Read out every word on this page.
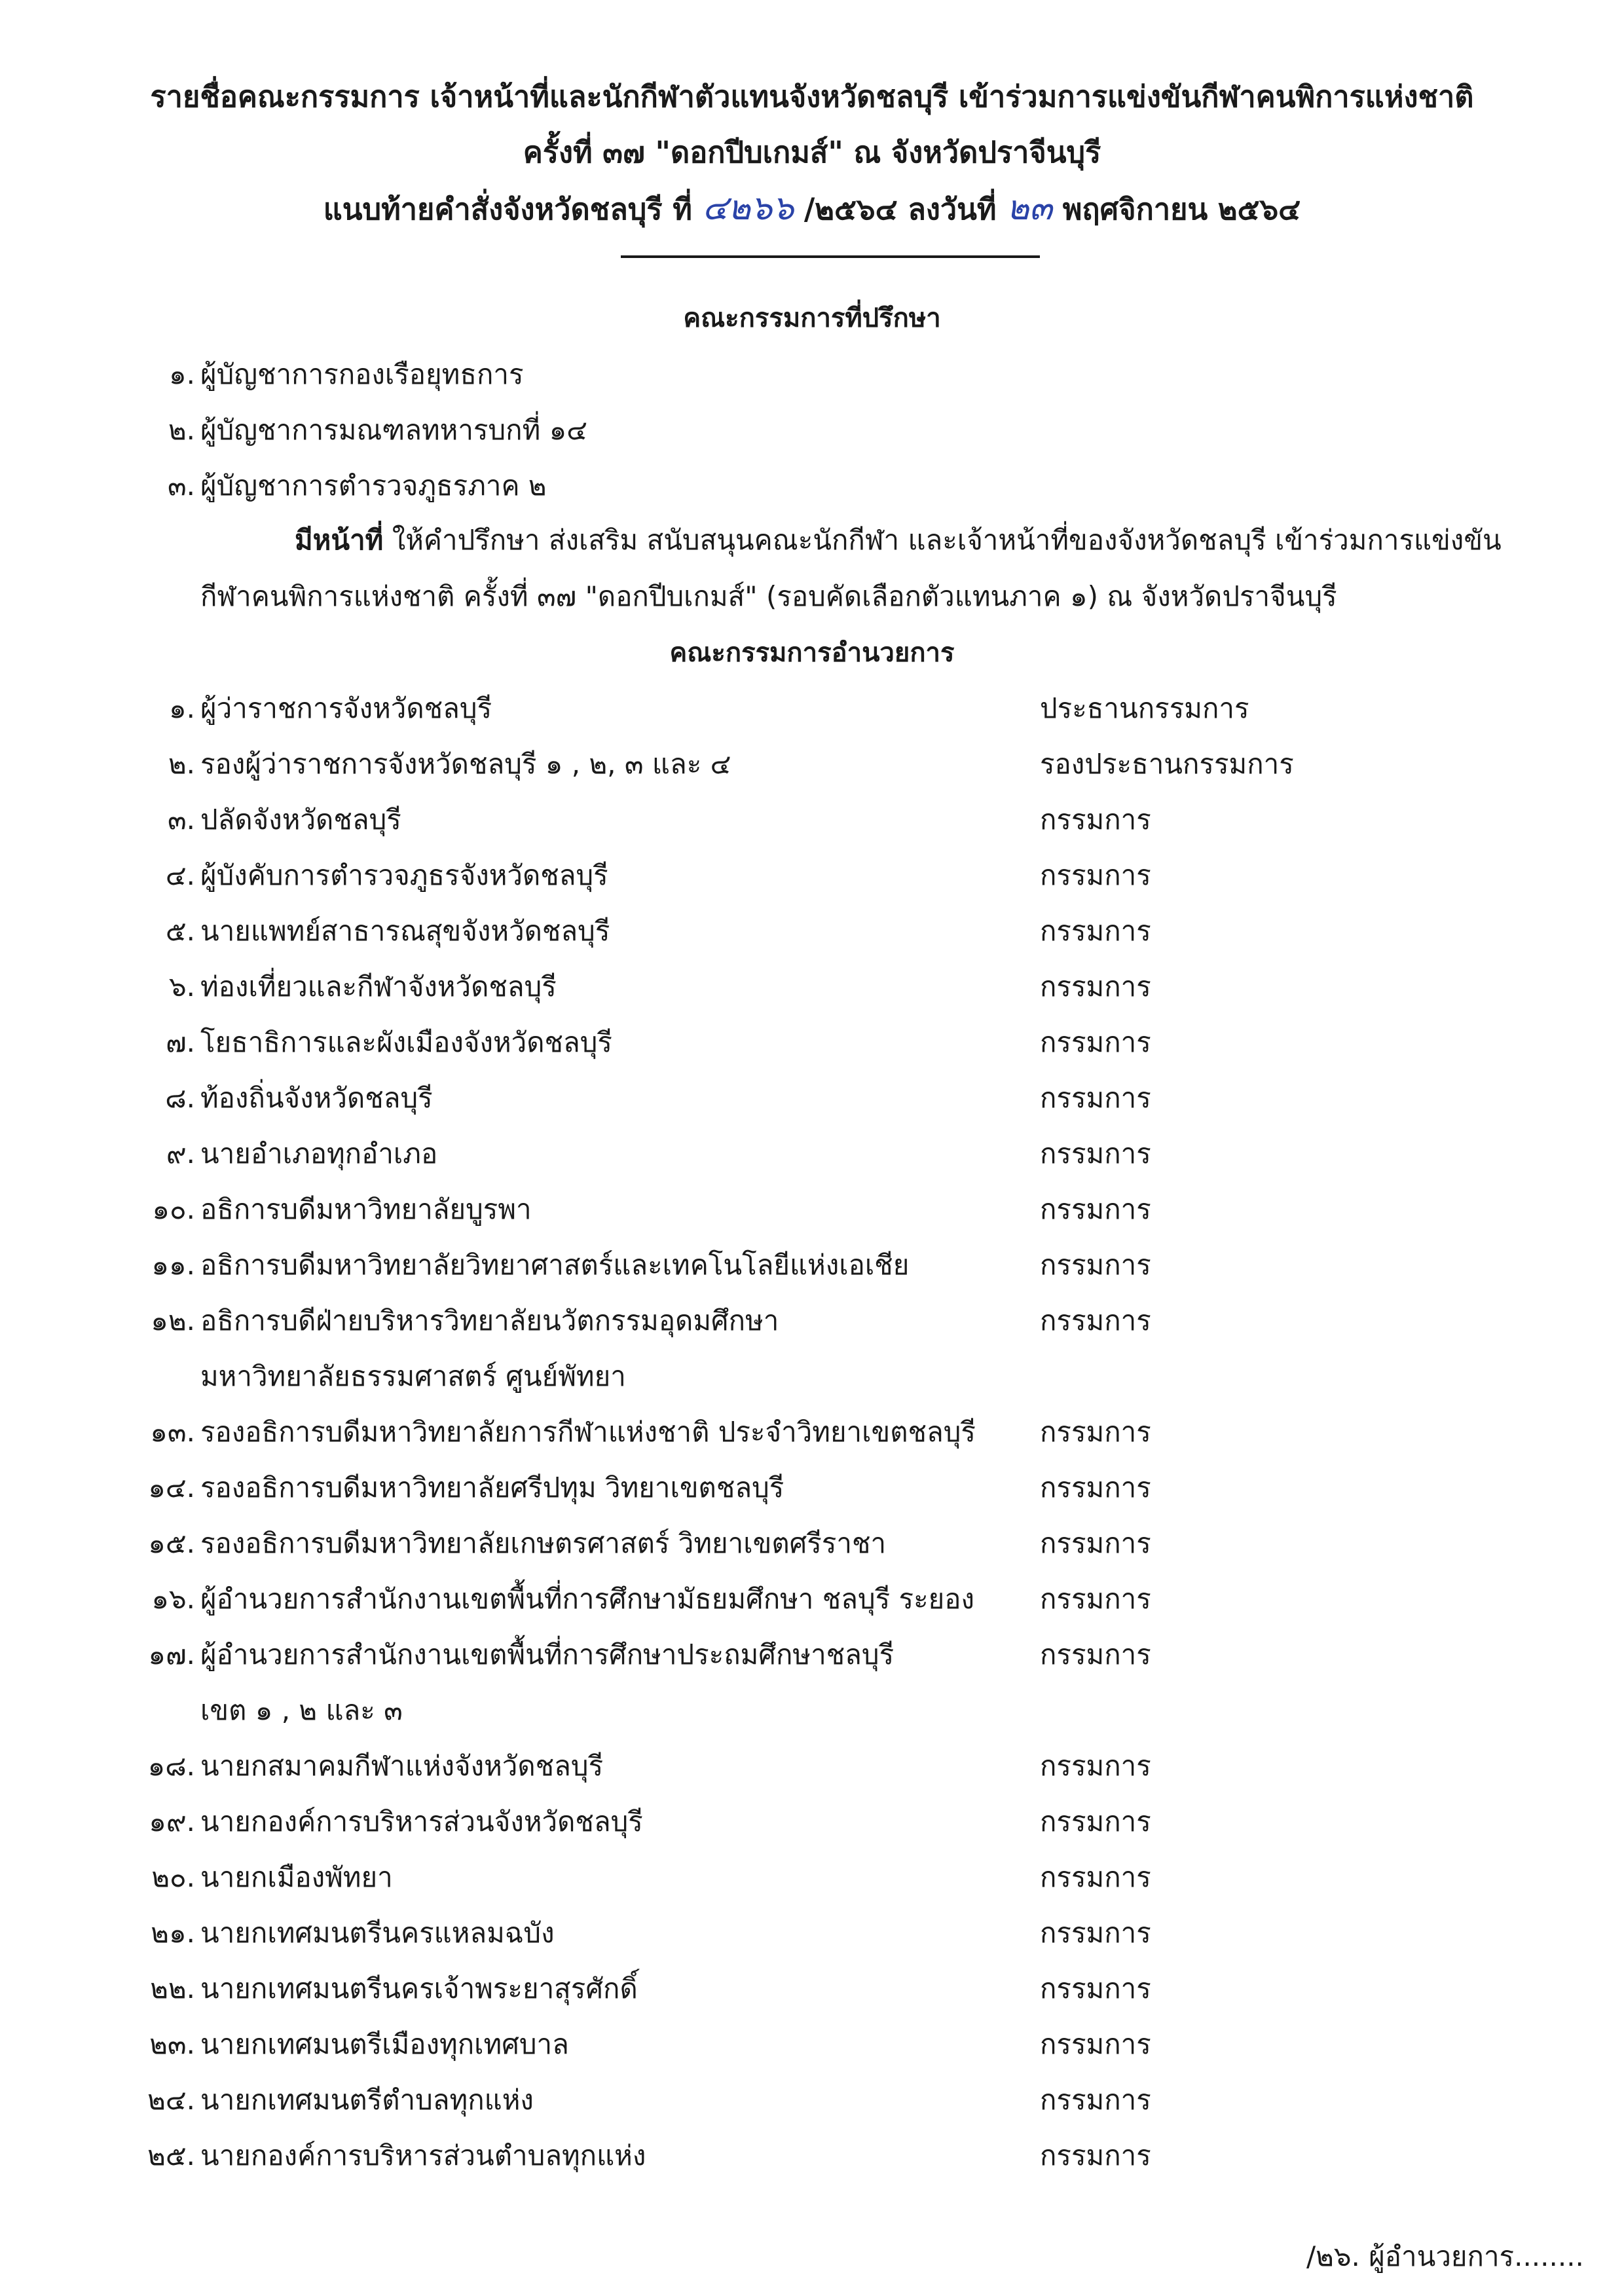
รายชื่อคณะกรรมการ เจ้าหน้าที่และนักกีฬาตัวแทนจังหวัดชลบุรี เข้าร่วมการแข่งขันกีฬาคนพิการแห่งชาติ
ครั้งที่ ๓๗ "ดอกปีบเกมส์" ณ จังหวัดปราจีนบุรี
แนบท้ายคำสั่งจังหวัดชลบุรี ที่ ๔๒๖๖ /๒๕๖๔ ลงวันที่ ๒๓ พฤศจิกายน ๒๕๖๔
คณะกรรมการที่ปรึกษา
๑. ผู้บัญชาการกองเรือยุทธการ
๒. ผู้บัญชาการมณฑลทหารบกที่ ๑๔
๓. ผู้บัญชาการตำรวจภูธรภาค ๒
มีหน้าที่ ให้คำปรึกษา ส่งเสริม สนับสนุนคณะนักกีฬา และเจ้าหน้าที่ของจังหวัดชลบุรี เข้าร่วมการแข่งขัน
กีฬาคนพิการแห่งชาติ ครั้งที่ ๓๗ "ดอกปีบเกมส์" (รอบคัดเลือกตัวแทนภาค ๑) ณ จังหวัดปราจีนบุรี
คณะกรรมการอำนวยการ
๑. ผู้ว่าราชการจังหวัดชลบุรี	ประธานกรรมการ
๒. รองผู้ว่าราชการจังหวัดชลบุรี ๑ , ๒, ๓ และ ๔	รองประธานกรรมการ
๓. ปลัดจังหวัดชลบุรี	กรรมการ
๔. ผู้บังคับการตำรวจภูธรจังหวัดชลบุรี	กรรมการ
๕. นายแพทย์สาธารณสุขจังหวัดชลบุรี	กรรมการ
๖. ท่องเที่ยวและกีฬาจังหวัดชลบุรี	กรรมการ
๗. โยธาธิการและผังเมืองจังหวัดชลบุรี	กรรมการ
๘. ท้องถิ่นจังหวัดชลบุรี	กรรมการ
๙. นายอำเภอทุกอำเภอ	กรรมการ
๑๐. อธิการบดีมหาวิทยาลัยบูรพา	กรรมการ
๑๑. อธิการบดีมหาวิทยาลัยวิทยาศาสตร์และเทคโนโลยีแห่งเอเชีย	กรรมการ
๑๒. อธิการบดีฝ่ายบริหารวิทยาลัยนวัตกรรมอุดมศึกษา	กรรมการ
มหาวิทยาลัยธรรมศาสตร์ ศูนย์พัทยา
๑๓. รองอธิการบดีมหาวิทยาลัยการกีฬาแห่งชาติ ประจำวิทยาเขตชลบุรี กรรมการ
๑๔. รองอธิการบดีมหาวิทยาลัยศรีปทุม วิทยาเขตชลบุรี	กรรมการ
๑๕. รองอธิการบดีมหาวิทยาลัยเกษตรศาสตร์ วิทยาเขตศรีราชา	กรรมการ
๑๖. ผู้อำนวยการสำนักงานเขตพื้นที่การศึกษามัธยมศึกษา ชลบุรี ระยอง กรรมการ
๑๗. ผู้อำนวยการสำนักงานเขตพื้นที่การศึกษาประถมศึกษาชลบุรี	กรรมการ
เขต ๑ , ๒ และ ๓
๑๘. นายกสมาคมกีฬาแห่งจังหวัดชลบุรี	กรรมการ
๑๙. นายกองค์การบริหารส่วนจังหวัดชลบุรี	กรรมการ
๒๐. นายกเมืองพัทยา	กรรมการ
๒๑. นายกเทศมนตรีนครแหลมฉบัง	กรรมการ
๒๒. นายกเทศมนตรีนครเจ้าพระยาสุรศักดิ์	กรรมการ
๒๓. นายกเทศมนตรีเมืองทุกเทศบาล	กรรมการ
๒๔. นายกเทศมนตรีตำบลทุกแห่ง	กรรมการ
๒๕. นายกองค์การบริหารส่วนตำบลทุกแห่ง	กรรมการ
/๒๖. ผู้อำนวยการ........
